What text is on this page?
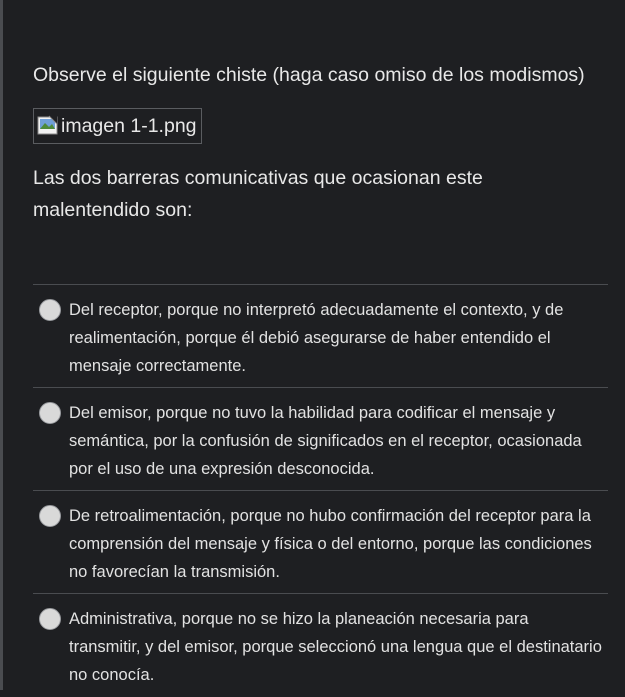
Observe el siguiente chiste (haga caso omiso de los modismos)

imagen 1-1.png

Las dos barreras comunicativas que ocasionan este malentendido son:

Del receptor, porque no interpretó adecuadamente el contexto, y de realimentación, porque él debió asegurarse de haber entendido el mensaje correctamente.
Del emisor, porque no tuvo la habilidad para codificar el mensaje y semántica, por la confusión de significados en el receptor, ocasionada por el uso de una expresión desconocida.
De retroalimentación, porque no hubo confirmación del receptor para la comprensión del mensaje y física o del entorno, porque las condiciones no favorecían la transmisión.
Administrativa, porque no se hizo la planeación necesaria para transmitir, y del emisor, porque seleccionó una lengua que el destinatario no conocía.
